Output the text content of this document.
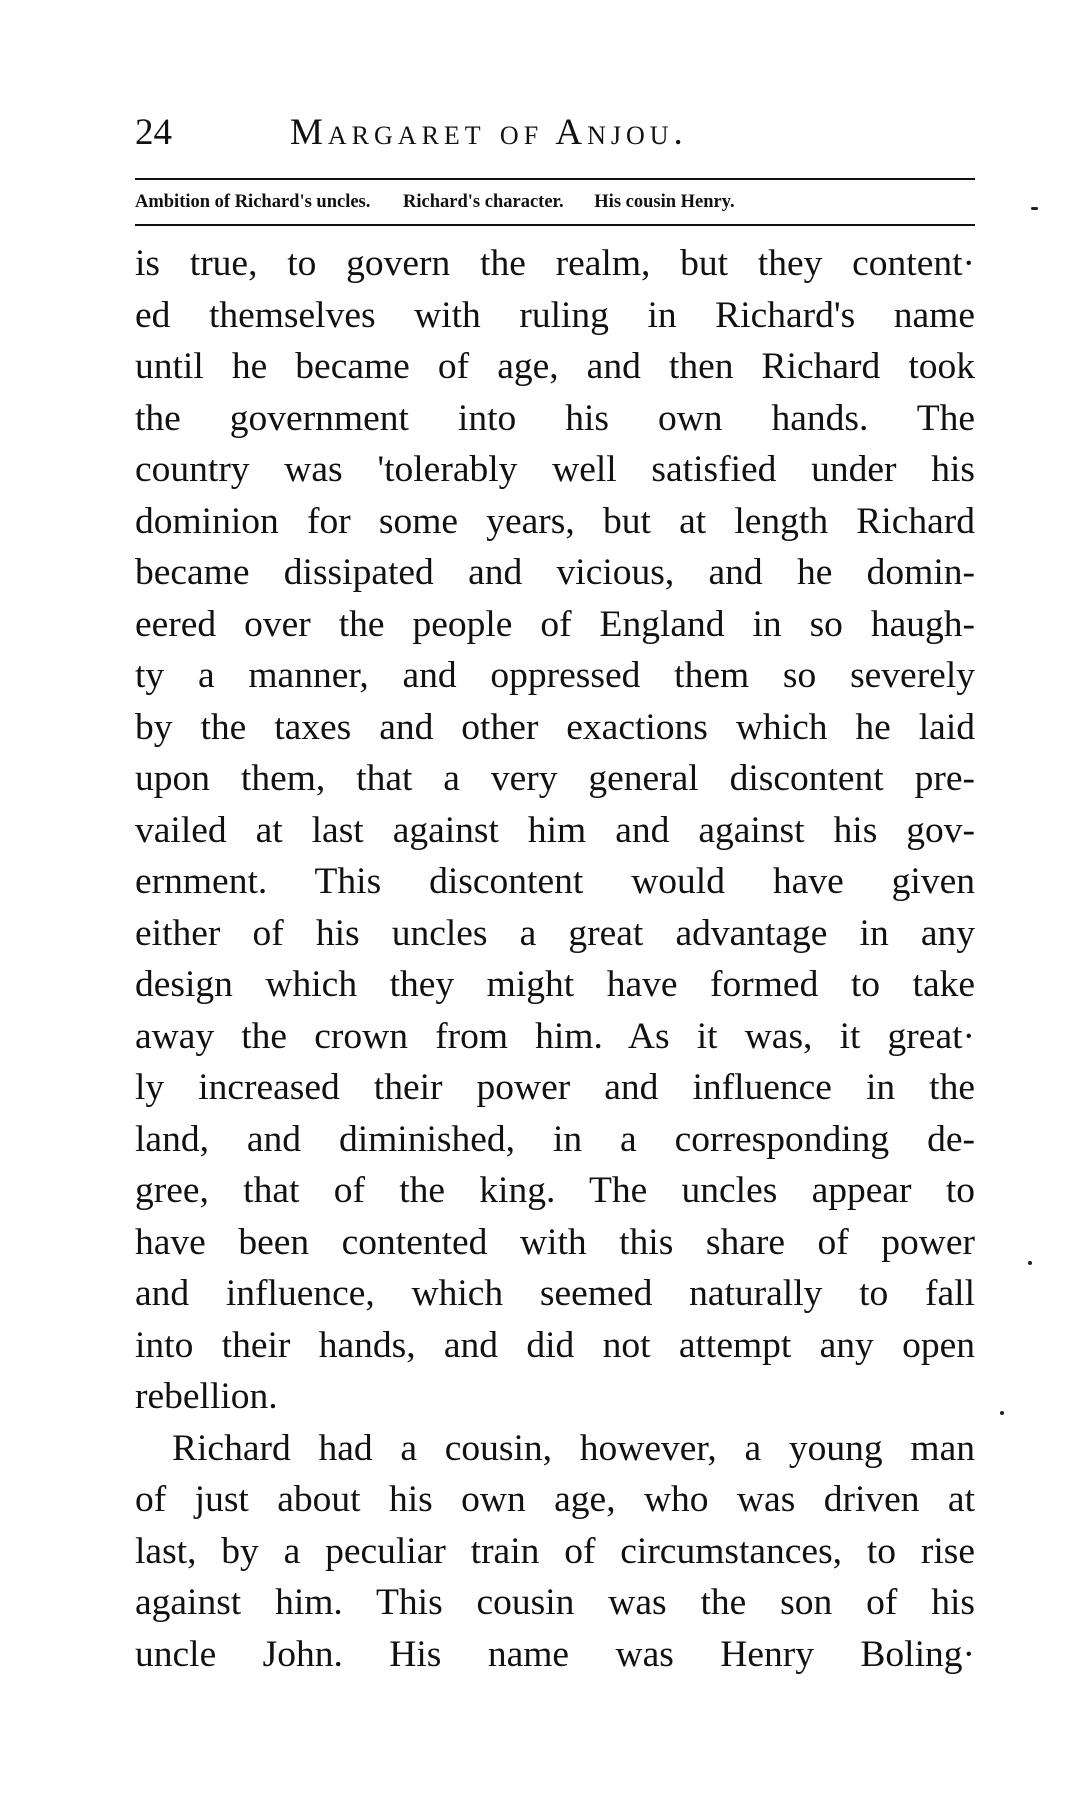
24	Margaret of Anjou.
Ambition of Richard's uncles. Richard's character. His cousin Henry.
is true, to govern the realm, but they content·
ed themselves with ruling in Richard's name
until he became of age, and then Richard took
the government into his own hands. The
country was 'tolerably well satisfied under his
dominion for some years, but at length Richard
became dissipated and vicious, and he domin-
eered over the people of England in so haugh-
ty a manner, and oppressed them so severely
by the taxes and other exactions which he laid
upon them, that a very general discontent pre-
vailed at last against him and against his gov-
ernment. This discontent would have given
either of his uncles a great advantage in any
design which they might have formed to take
away the crown from him. As it was, it great·
ly increased their power and influence in the
land, and diminished, in a corresponding de-
gree, that of the king. The uncles appear to
have been contented with this share of power
and influence, which seemed naturally to fall
into their hands, and did not attempt any open
rebellion.
Richard had a cousin, however, a young man
of just about his own age, who was driven at
last, by a peculiar train of circumstances, to rise
against him. This cousin was the son of his
uncle John. His name was Henry Boling·
